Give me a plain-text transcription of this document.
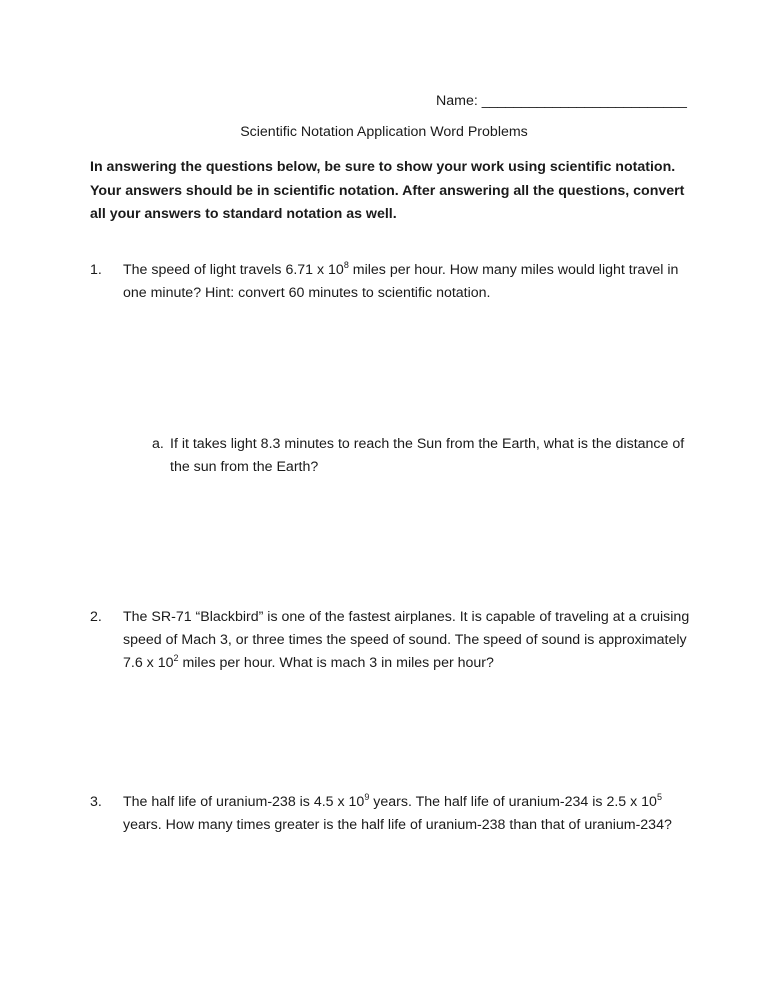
Name: __________________________
Scientific Notation Application Word Problems
In answering the questions below, be sure to show your work using scientific notation. Your answers should be in scientific notation. After answering all the questions, convert all your answers to standard notation as well.
1.	The speed of light travels 6.71 x $10^8$ miles per hour. How many miles would light travel in one minute? Hint: convert 60 minutes to scientific notation.
a. If it takes light 8.3 minutes to reach the Sun from the Earth, what is the distance of the sun from the Earth?
2.	The SR-71 “Blackbird” is one of the fastest airplanes. It is capable of traveling at a cruising speed of Mach 3, or three times the speed of sound. The speed of sound is approximately 7.6 x $10^2$ miles per hour. What is mach 3 in miles per hour?
3.	The half life of uranium-238 is 4.5 x $10^9$ years. The half life of uranium-234 is 2.5 x $10^5$ years. How many times greater is the half life of uranium-238 than that of uranium-234?
